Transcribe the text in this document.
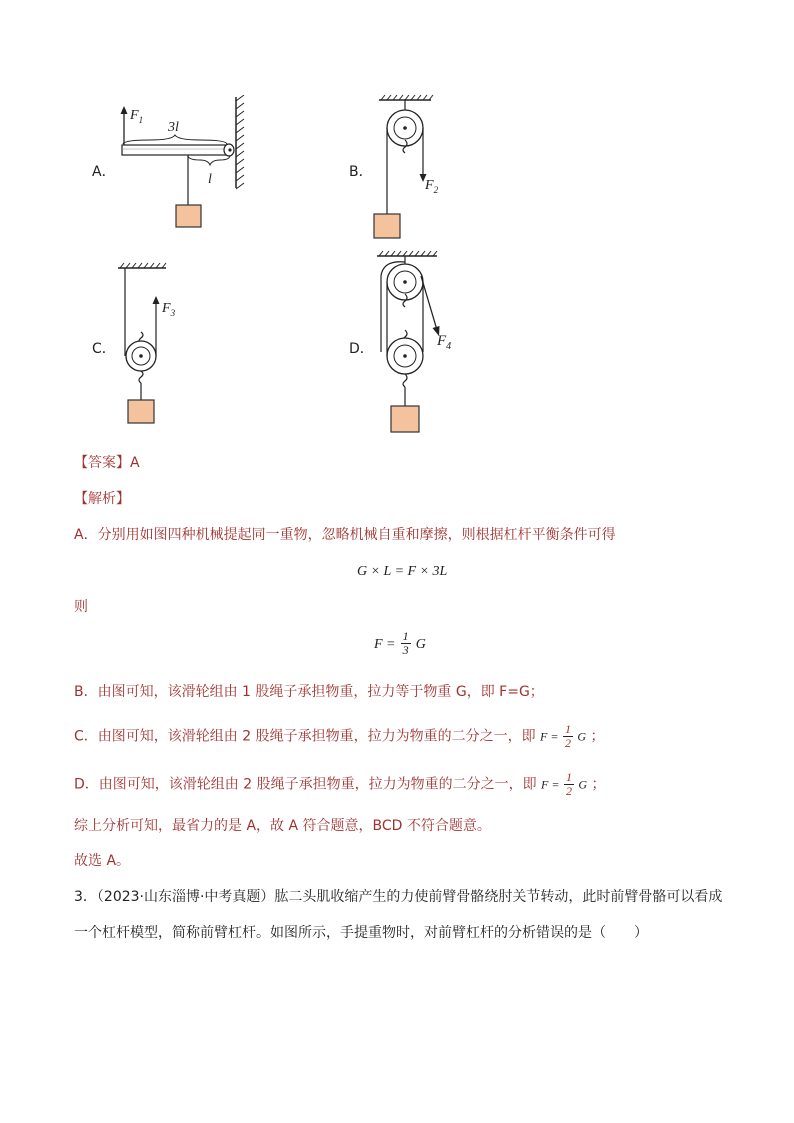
A．
$F_1$ 3l
l	B．
$F_2$
C．
$F_3$
D．	$F_4$
【答案】A
【解析】
A．分别用如图四种机械提起同一重物，忽略机械自重和摩擦，则根据杠杆平衡条件可得
G × L = F × 3L
则
$F = \frac{1}{3}$ G
B．由图可知，该滑轮组由 1 股绳子承担物重，拉力等于物重 G，即 F=G；
C．由图可知，该滑轮组由 2 股绳子承担物重，拉力为物重的二分之一，即 $F = \frac{1}{2}$ G ；
D．由图可知，该滑轮组由 2 股绳子承担物重，拉力为物重的二分之一，即 $F = \frac{1}{2}$ G ；
综上分析可知，最省力的是 A，故 A 符合题意，BCD 不符合题意。
故选 A。
3．（2023·山东淄博·中考真题）肱二头肌收缩产生的力使前臂骨骼绕肘关节转动，此时前臂骨骼可以看成
一个杠杆模型，简称前臂杠杆。如图所示，手提重物时，对前臂杠杆的分析错误的是（　　）
